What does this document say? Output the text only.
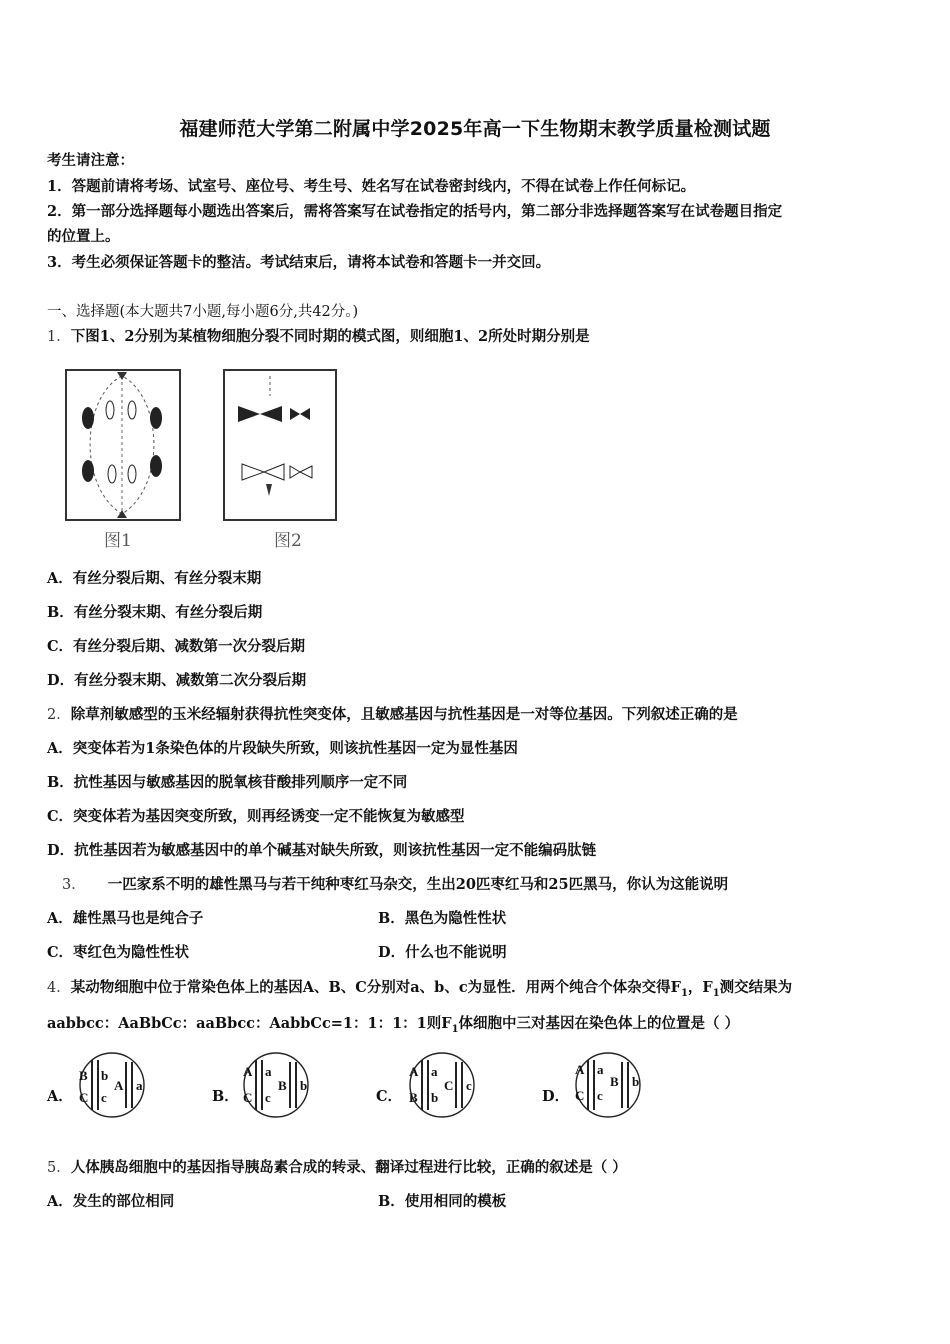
福建师范大学第二附属中学2025年高一下生物期末教学质量检测试题
考生请注意：
1．答题前请将考场、试室号、座位号、考生号、姓名写在试卷密封线内，不得在试卷上作任何标记。
2．第一部分选择题每小题选出答案后，需将答案写在试卷指定的括号内，第二部分非选择题答案写在试卷题目指定
的位置上。
3．考生必须保证答题卡的整洁。考试结束后，请将本试卷和答题卡一并交回。
一、选择题(本大题共7小题,每小题6分,共42分。)
1．下图1、2分别为某植物细胞分裂不同时期的模式图，则细胞1、2所处时期分别是
图1	图2
A．有丝分裂后期、有丝分裂末期
B．有丝分裂末期、有丝分裂后期
C．有丝分裂后期、减数第一次分裂后期
D．有丝分裂末期、减数第二次分裂后期
2．除草剂敏感型的玉米经辐射获得抗性突变体，且敏感基因与抗性基因是一对等位基因。下列叙述正确的是
A．突变体若为1条染色体的片段缺失所致，则该抗性基因一定为显性基因
B．抗性基因与敏感基因的脱氧核苷酸排列顺序一定不同
C．突变体若为基因突变所致，则再经诱变一定不能恢复为敏感型
D．抗性基因若为敏感基因中的单个碱基对缺失所致，则该抗性基因一定不能编码肽链
3． 一匹家系不明的雄性黑马与若干纯种枣红马杂交，生出20匹枣红马和25匹黑马，你认为这能说明
A．雄性黑马也是纯合子	B．黑色为隐性性状
C．枣红色为隐性性状	D．什么也不能说明
4．某动物细胞中位于常染色体上的基因A、B、C分别对a、b、c为显性．用两个纯合个体杂交得$F_1$，$F_1$测交结果为
aabbcc：AaBbCc：aaBbcc：AabbCc=1：1：1：1则$F_1$体细胞中三对基因在染色体上的位置是（ ）
A．
B b
C c
A a
B．
A a
C c
B b
C．
A a
B b
C c
D．
A a
C c
B b
5．人体胰岛细胞中的基因指导胰岛素合成的转录、翻译过程进行比较，正确的叙述是（ ）
A．发生的部位相同	B．使用相同的模板
